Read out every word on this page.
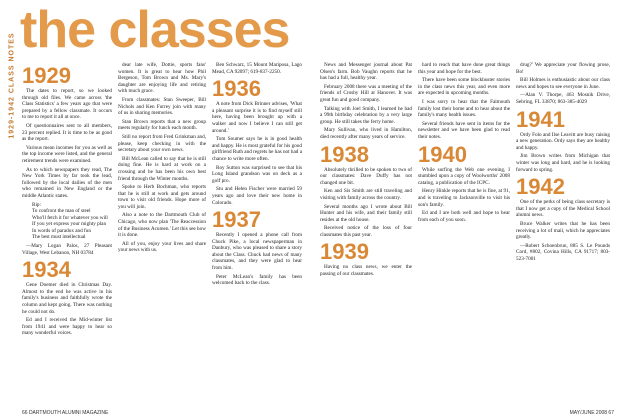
1929-1942 CLASS NOTES
the classes
1929

The dates to report, so we looked through old files. We came across 'the Class Statistics' a few years ago that were prepared by a fellow classmate. It occurs to me to report it all at once.

Of questionnaires sent to all members, 23 percent replied. It is time to be as good as the report.

Various mean incomes for you as well as the top income were listed, and the general retirement trends were examined.

As to which newspapers they read, The New York Times by far took the lead, followed by the local dailies of the men who remained in New England or the middle Atlantic states.

Rip:
To confront the man of steel
Who'll fetch it for whatever you will
If you yet express your mighty plan
In words of paradox and fun
The best must intellectual

—Mary Logan Palos, 27 Pleasant Village, West Lebanon, NH 03784

1934

Gene Doemer died in Christmas Day. Almost to the end he was active in his family's business and faithfully wrote the column and kept going. There was nothing he could not do.

Ed and I received the Mid-winter list from 1941 and were happy to hear so many wonderful voices.

dear late wife, Dottie, sports fans' women. It is great to hear how Phil Bergeson, Tom Brown and Ms. Mary's daughter are enjoying life and retiring with much grace.

From classmates: Stan Sweeper, Bill Nichols and Ken Furrey join with many of us in sharing memories.

Stan Brown reports that a new group meets regularly for lunch each month.

Still no report from Fred Grinkman and, please, keep checking in with the secretary about your own news.

Bill McLean called to say that he is still doing fine. He is hard at work on a crossing and he has been his own best friend through the Winter months.

Spoke to Herb Bochman, who reports that he is still at work and gets around town to visit old friends. Hope more of you will join.

Also a note to the Dartmouth Club of Chicago, who now plan 'The Reaccession of the Business Acumen.' Let this see how it is done.

All of you, enjoy your lives and share your news with us.

Ben Schwarz, 15 Mount Mariposa, Lago Mead, CA 92097; 619-837-2250.

1936

A note from Dick Brinner advises, 'What a pleasant surprise it is to find myself still here, having been brought up with a walker and now I believe I can still get around.'

Tom Soumer says he is in good health and happy. He is most grateful for his good girlfriend Ruth and regrets he has not had a chance to write more often.

Roy Sutton was surprised to see that his Long Island grandson was on deck as a golf pro.

Stu and Helen Fischer were married 59 years ago and love their new home in Colorado.

1937

Recently I opened a phone call from Chuck Pike, a local newspaperman in Danbury, who was pleased to share a story about the Class. Chuck had news of many classmates, and they were glad to hear from him.

Peter McLean's family has been welcomed back to the class.

News and Messenger journal about Pat Olsen's farm. Bob Vaughn reports that he has had a full, healthy year.

February 2008 there was a meeting of the friends of Crosby Hill at Hanover. It was great fun and good company.

Talking with Joel Smith, I learned he had a 99th birthday celebration by a very large group. He still takes the ferry home.

Mary Sullivan, who lived in Hamilton, died recently after many years of service.

1938

Absolutely thrilled to be spoken to two of our classmates: Dave Duffy has not changed one bit.

Ken and Sis Smith are still traveling and visiting with family across the country.

Several months ago I wrote about Bill Hunter and his wife, and their family still resides at the old house.

Received notice of the loss of four classmates this past year.

1939

Having no class news, we enter the passing of our classmates.

hard to reach that have done great things this year and hope for the best.

There have been some blockbuster stories in the class news this year, and even more are expected in upcoming months.

I was sorry to hear that the Falmouth family lost their home and to hear about the family's many health issues.

Several friends have sent in items for the newsletter and we have been glad to read their notes.

1940

While surfing the Web one evening, I stumbled upon a copy of Woolworths' 2008 catalog, a publication of the ICPC.

Henry Hinkle reports that he is fine, at 91, and is traveling to Jacksonville to visit his son's family.

Ed and I are both well and hope to hear from each of you soon.

drug?' We appreciate your flowing prose, Bo!

Bill Holmes is enthusiastic about our class news and hopes to see everyone in June.

—Alan V. Thorpe, 463 Mosnik Drive, Sebring, FL 33870; 863-385-4029

1941

Ordy Folo and Ilse Leavitt are busy raising a new generation. Ordy says they are healthy and happy.

Jim Brown writes from Michigan that winter was long and hard, and he is looking forward to spring.

1942

One of the perks of being class secretary is that I now get a copy of the Medical School alumni news.

Bruce Walker writes that he has been receiving a lot of mail, which he appreciates greatly.

—Robert Schoenbrun, 885 S. Le Pounds Cord, #802, Covina Hills, CA 91717; 803-523-7001

66 DARTMOUTH ALUMNI MAGAZINE	MAY/JUNE 2008 67
